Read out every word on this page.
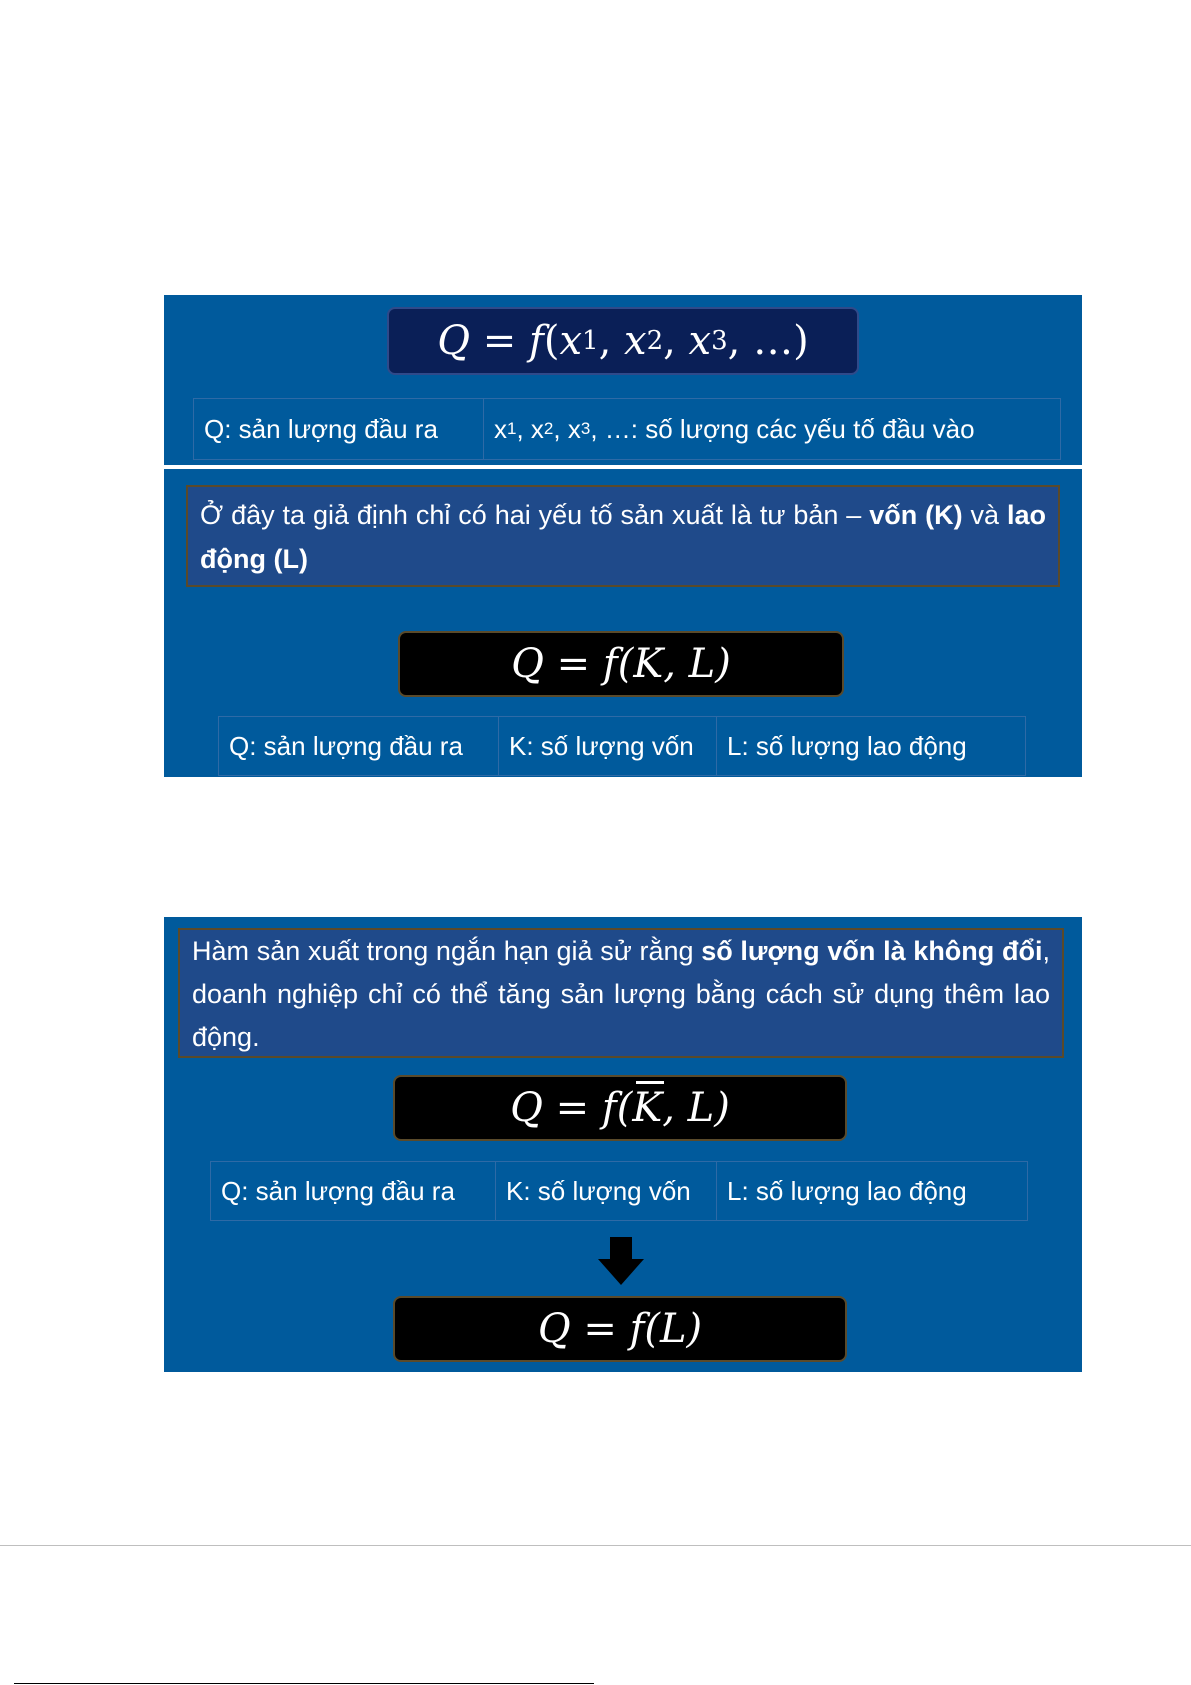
Q
=
f ( x 1 ,
x 2 ,
x 3 ,
… )
Q: sản lượng đầu ra	x 1 , x 2 , x 3 , …: số lượng các yếu tố đầu vào
Ở đây ta giả định chỉ có hai yếu tố sản xuất là tư bản – vốn (K) và lao động (L)
Q = f(K, L)
Q: sản lượng đầu ra	K: số lượng vốn	L: số lượng lao động
Hàm sản xuất trong ngắn hạn giả sử rằng số lượng vốn là không đổi, doanh nghiệp chỉ có thể tăng sản lượng bằng cách sử dụng thêm lao động.
Q = f( K , L)
Q: sản lượng đầu ra	K: số lượng vốn	L: số lượng lao động
Q = f(L)
